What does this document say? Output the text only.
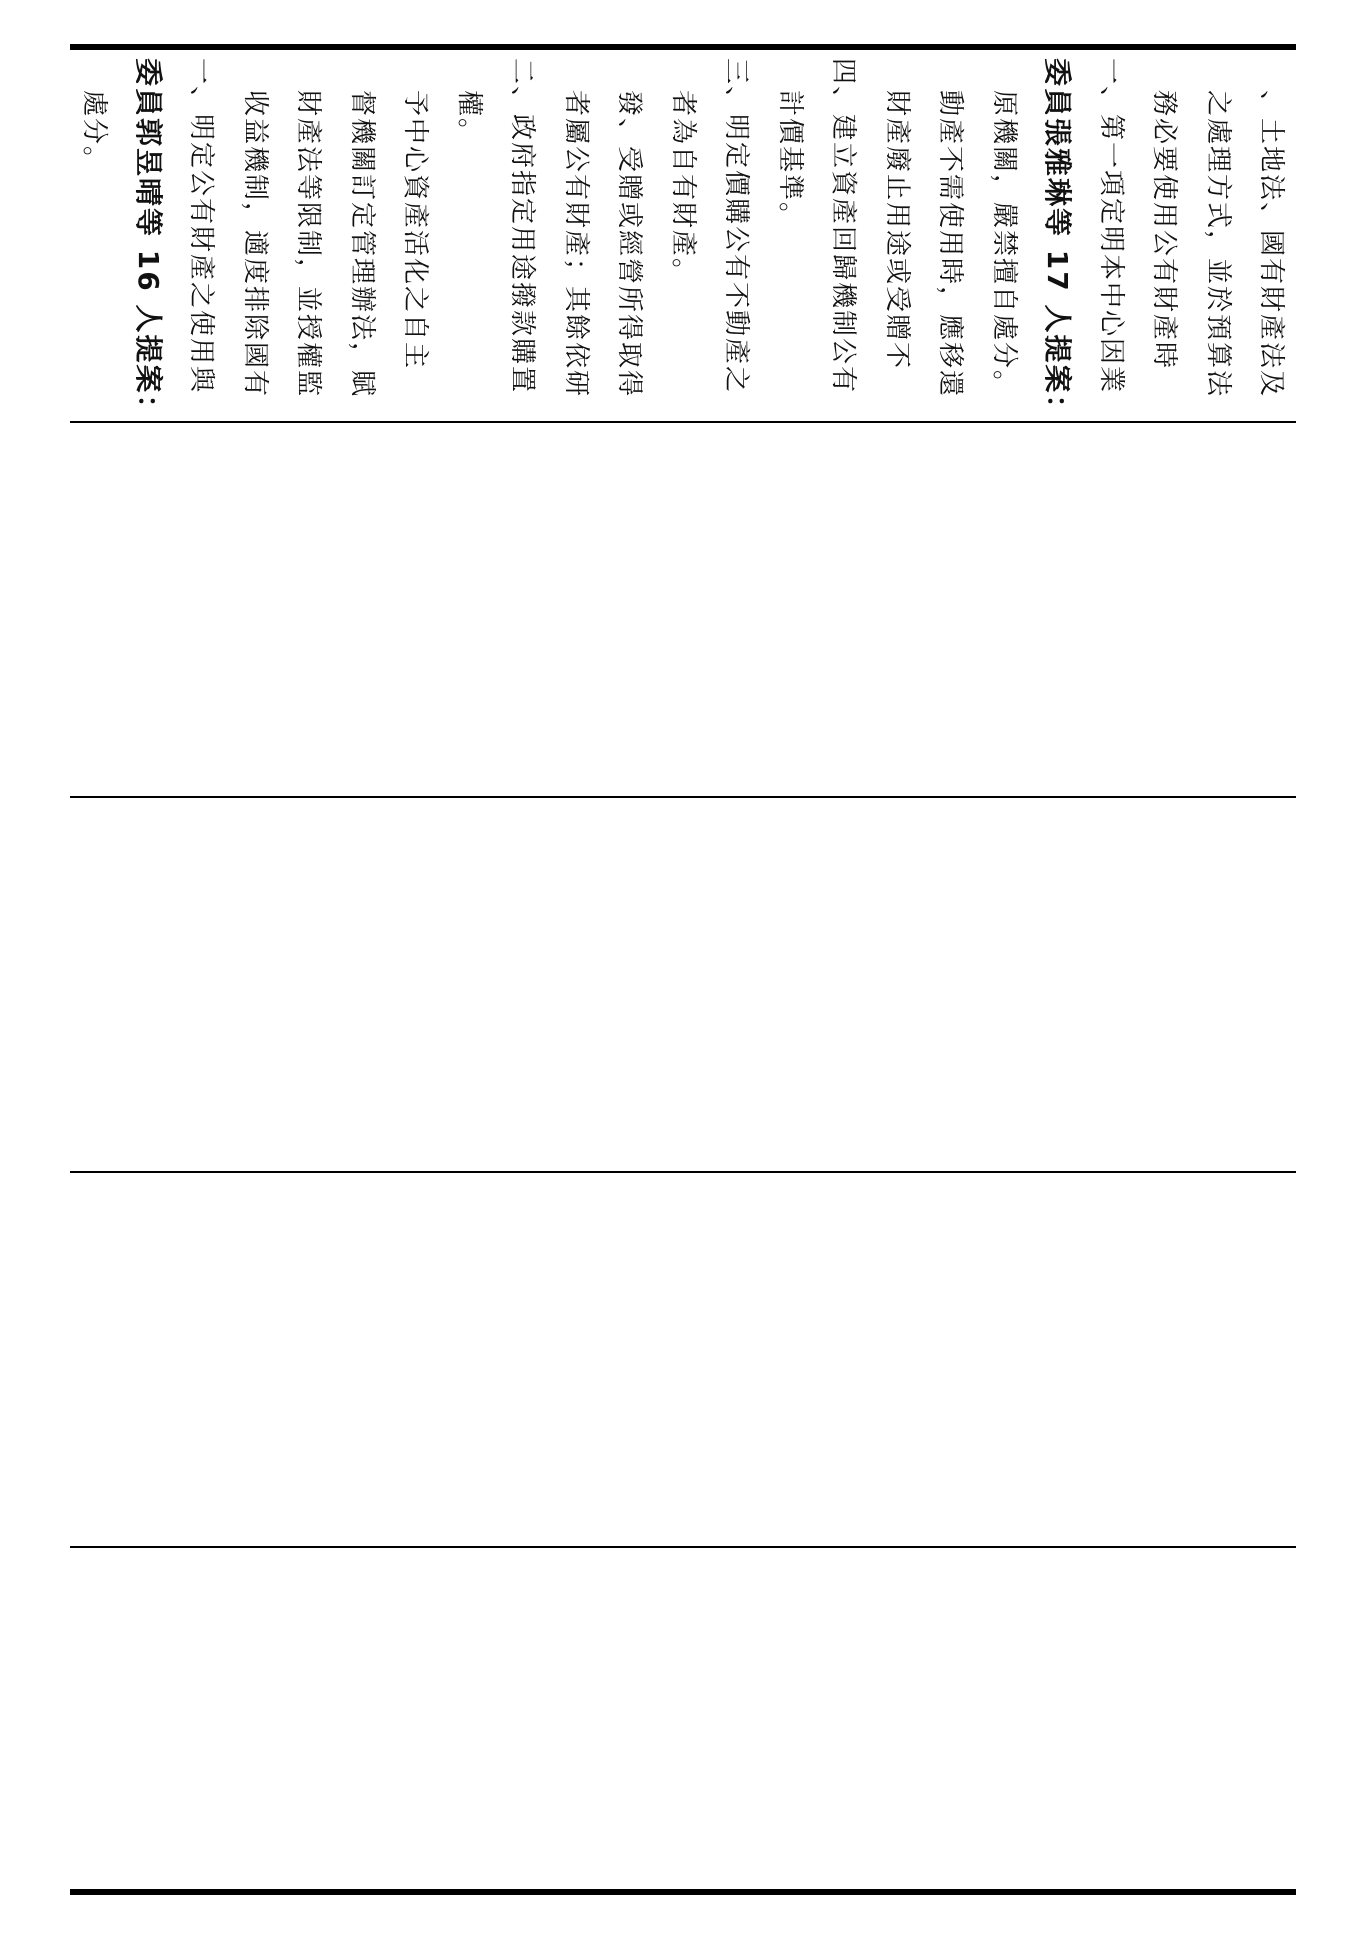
處分。 委員郭昱晴等 16 人提案： 一、明定公有財產之使用與 收益機制，適度排除國有 財產法等限制，並授權監 督機關訂定管理辦法，賦 予中心資產活化之自主 權。 二、政府指定用途撥款購置 者屬公有財產；其餘依研 發、受贈或經營所得取得 者為自有財產。 三、明定價購公有不動產之 計價基準。 四、建立資產回歸機制公有 財產廢止用途或受贈不 動產不需使用時，應移還 原機關，嚴禁擅自處分。 委員張雅琳等 17 人提案： 一、第一項定明本中心因業 務必要使用公有財產時 之處理方式，並於預算法 、土地法、國有財產法及
